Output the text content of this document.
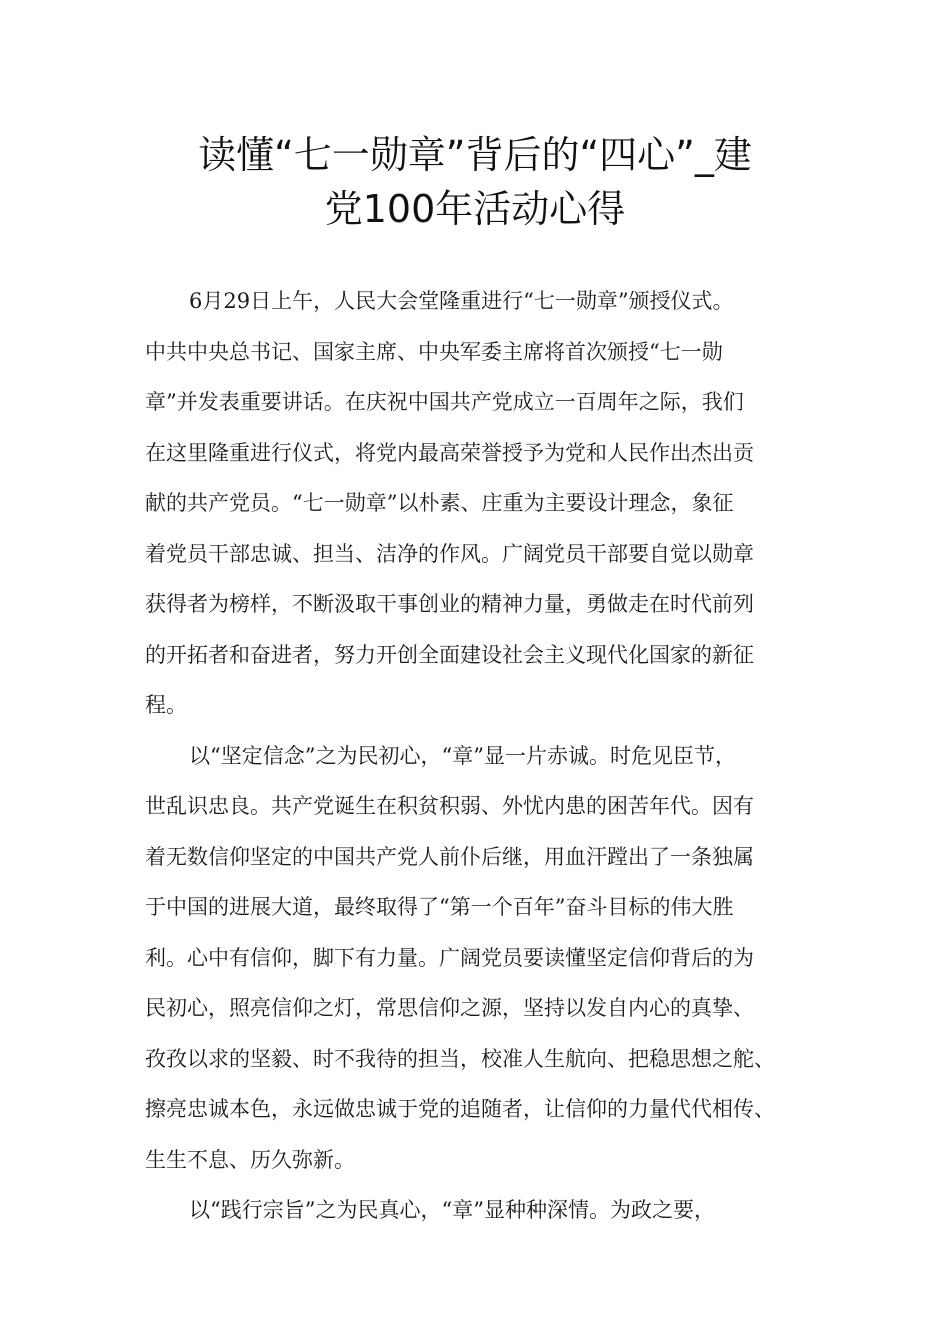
读懂“七一勋章”背后的“四心”_建
党100年活动心得

6月29日上午，人民大会堂隆重进行“七一勋章”颁授仪式。
中共中央总书记、国家主席、中央军委主席将首次颁授“七一勋
章”并发表重要讲话。在庆祝中国共产党成立一百周年之际，我们
在这里隆重进行仪式，将党内最高荣誉授予为党和人民作出杰出贡
献的共产党员。“七一勋章”以朴素、庄重为主要设计理念，象征
着党员干部忠诚、担当、洁净的作风。广阔党员干部要自觉以勋章
获得者为榜样，不断汲取干事创业的精神力量，勇做走在时代前列
的开拓者和奋进者，努力开创全面建设社会主义现代化国家的新征
程。

以“坚定信念”之为民初心，“章”显一片赤诚。时危见臣节，
世乱识忠良。共产党诞生在积贫积弱、外忧内患的困苦年代。因有
着无数信仰坚定的中国共产党人前仆后继，用血汗蹚出了一条独属
于中国的进展大道，最终取得了“第一个百年”奋斗目标的伟大胜
利。心中有信仰，脚下有力量。广阔党员要读懂坚定信仰背后的为
民初心，照亮信仰之灯，常思信仰之源，坚持以发自内心的真挚、
孜孜以求的坚毅、时不我待的担当，校准人生航向、把稳思想之舵、
擦亮忠诚本色，永远做忠诚于党的追随者，让信仰的力量代代相传、
生生不息、历久弥新。

以“践行宗旨”之为民真心，“章”显种种深情。为政之要，
